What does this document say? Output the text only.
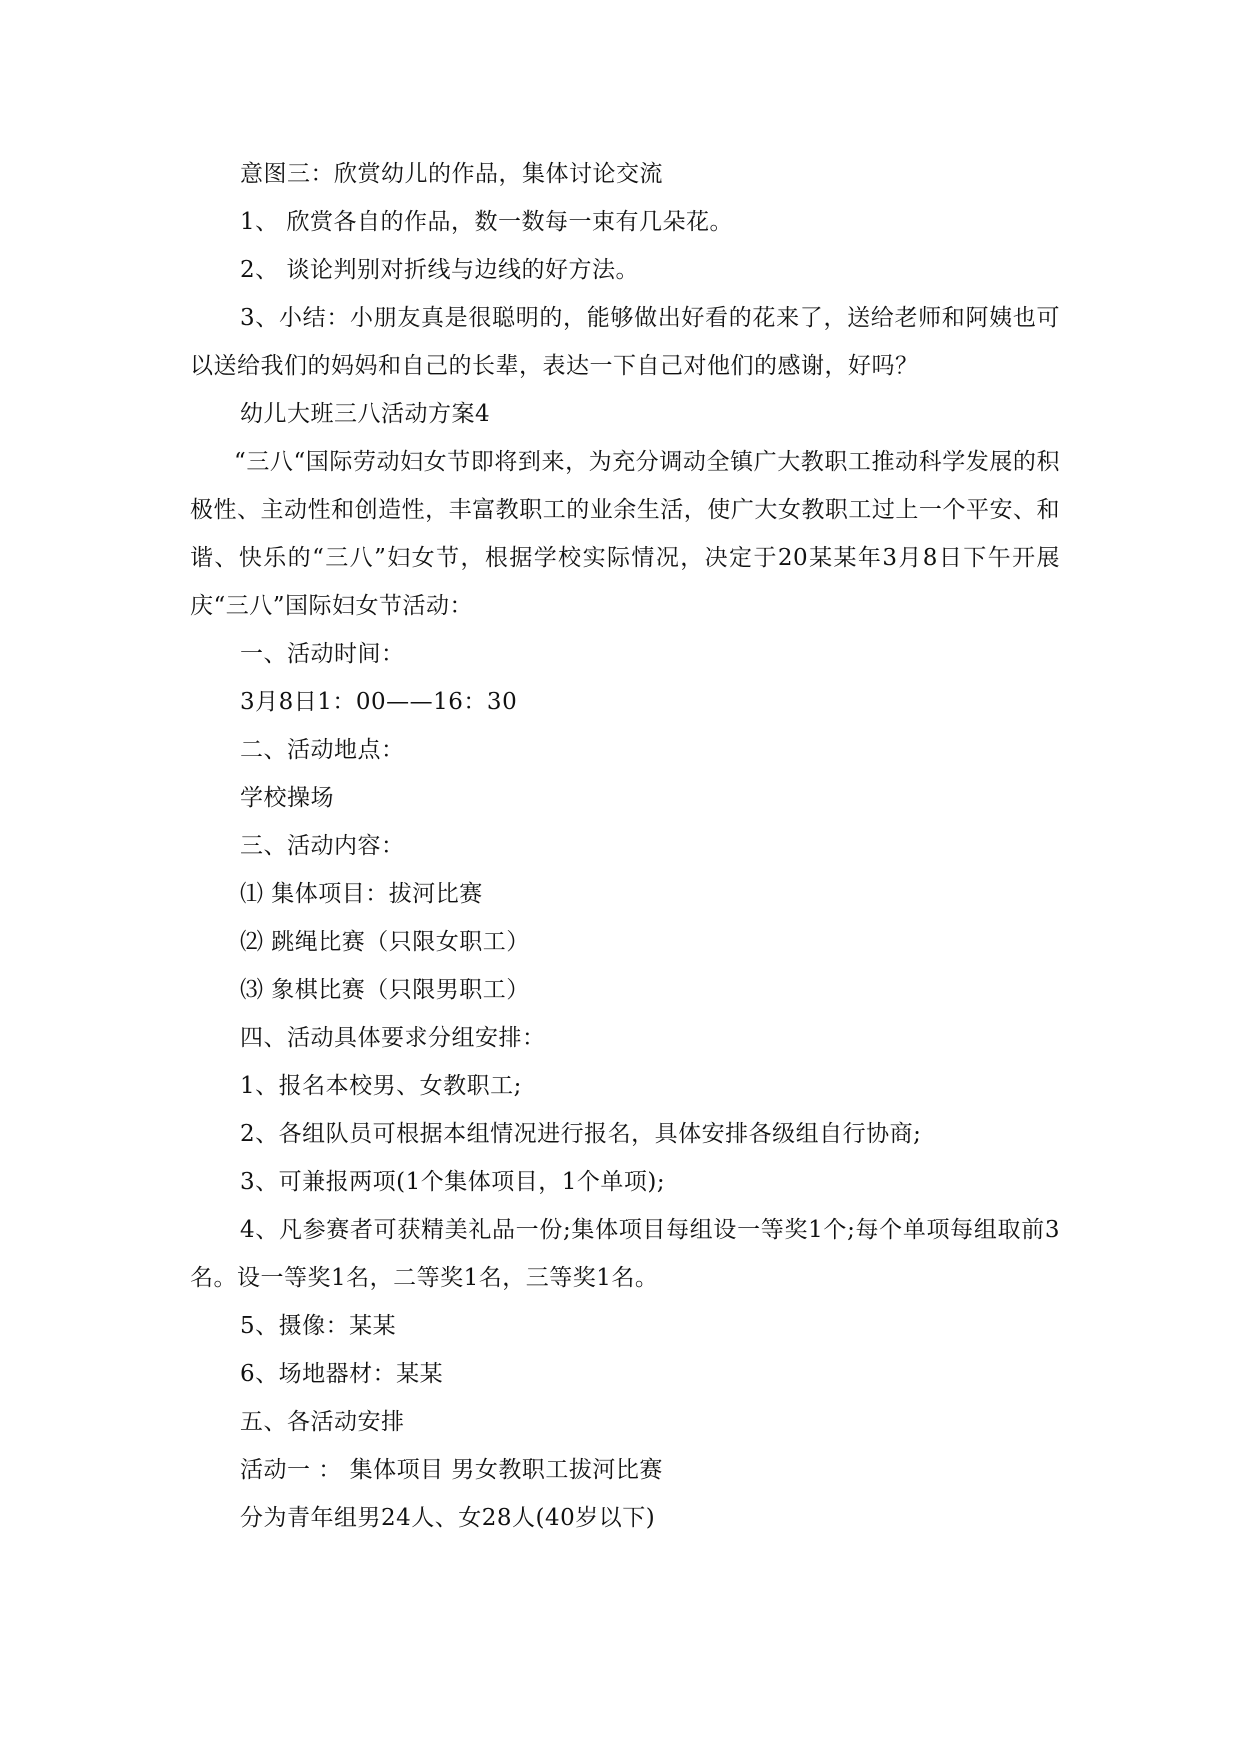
意图三：欣赏幼儿的作品，集体讨论交流
1、 欣赏各自的作品，数一数每一束有几朵花。
2、 谈论判别对折线与边线的好方法。
3、小结：小朋友真是很聪明的，能够做出好看的花来了，送给老师和阿姨也可以送给我们的妈妈和自己的长辈，表达一下自己对他们的感谢，好吗？
幼儿大班三八活动方案4
“三八“国际劳动妇女节即将到来，为充分调动全镇广大教职工推动科学发展的积极性、主动性和创造性，丰富教职工的业余生活，使广大女教职工过上一个平安、和谐、快乐的“三八”妇女节，根据学校实际情况，决定于20某某年3月8日下午开展庆“三八”国际妇女节活动：
一、活动时间：
3月8日1：00——16：30
二、活动地点：
学校操场
三、活动内容：
⑴ 集体项目：拔河比赛
⑵ 跳绳比赛（只限女职工）
⑶ 象棋比赛（只限男职工）
四、活动具体要求分组安排：
1、报名本校男、女教职工;
2、各组队员可根据本组情况进行报名，具体安排各级组自行协商;
3、可兼报两项(1个集体项目，1个单项);
4、凡参赛者可获精美礼品一份;集体项目每组设一等奖1个;每个单项每组取前3名。设一等奖1名，二等奖1名，三等奖1名。
5、摄像：某某
6、场地器材：某某
五、各活动安排
活动一 ： 集体项目 男女教职工拔河比赛
分为青年组男24人、女28人(40岁以下)
